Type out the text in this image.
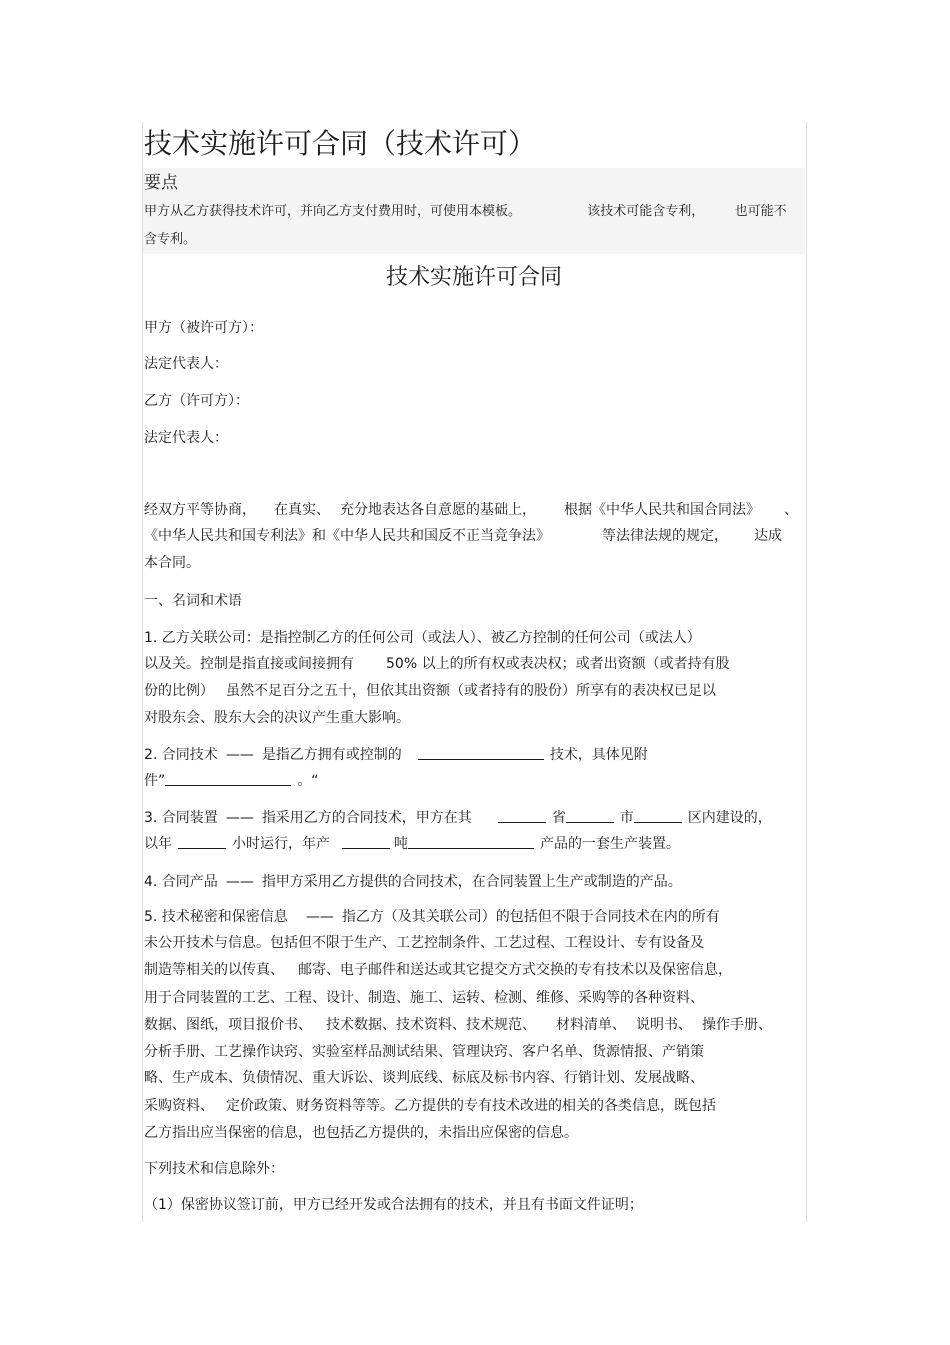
技术实施许可合同（技术许可）
要点
甲方从乙方获得技术许可，并向乙方支付费用时，可使用本模板。	该技术可能含专利， 也可能不
含专利。
技术实施许可合同
甲方（被许可方）：
法定代表人：
乙方（许可方）：
法定代表人：
经双方平等协商， 在真实、 充分地表达各自意愿的基础上， 根据《中华人民共和国合同法》 、
《中华人民共和国专利法》和《中华人民共和国反不正当竞争法》	等法律法规的规定， 达成
本合同。
一、名词和术语
1. 乙方关联公司：是指控制乙方的任何公司（或法人）、被乙方控制的任何公司（或法人）
以及关。控制是指直接或间接拥有 50% 以上的所有权或表决权；或者出资额（或者持有股
份的比例） 虽然不足百分之五十，但依其出资额（或者持有的股份）所享有的表决权已足以
对股东会、股东大会的决议产生重大影响。
2. 合同技术 —— 是指乙方拥有或控制的	技术，具体见附
件”	。“
3. 合同装置 —— 指采用乙方的合同技术，甲方在其	省	市	区内建设的，
以年	小时运行，年产	吨	产品的一套生产装置。
4. 合同产品 —— 指甲方采用乙方提供的合同技术，在合同装置上生产或制造的产品。
5. 技术秘密和保密信息 —— 指乙方（及其关联公司）的包括但不限于合同技术在内的所有
未公开技术与信息。包括但不限于生产、工艺控制条件、工艺过程、工程设计、专有设备及
制造等相关的以传真、 邮寄、电子邮件和送达或其它提交方式交换的专有技术以及保密信息，
用于合同装置的工艺、工程、设计、制造、施工、运转、检测、维修、采购等的各种资料、
数据、图纸，项目报价书、 技术数据、技术资料、技术规范、 材料清单、 说明书、 操作手册、
分析手册、工艺操作诀窍、实验室样品测试结果、管理诀窍、客户名单、货源情报、产销策
略、生产成本、负债情况、重大诉讼、谈判底线、标底及标书内容、行销计划、发展战略、
采购资料、 定价政策、财务资料等等。乙方提供的专有技术改进的相关的各类信息，既包括
乙方指出应当保密的信息，也包括乙方提供的，未指出应保密的信息。
下列技术和信息除外：
（1）保密协议签订前，甲方已经开发或合法拥有的技术，并且有书面文件证明；
